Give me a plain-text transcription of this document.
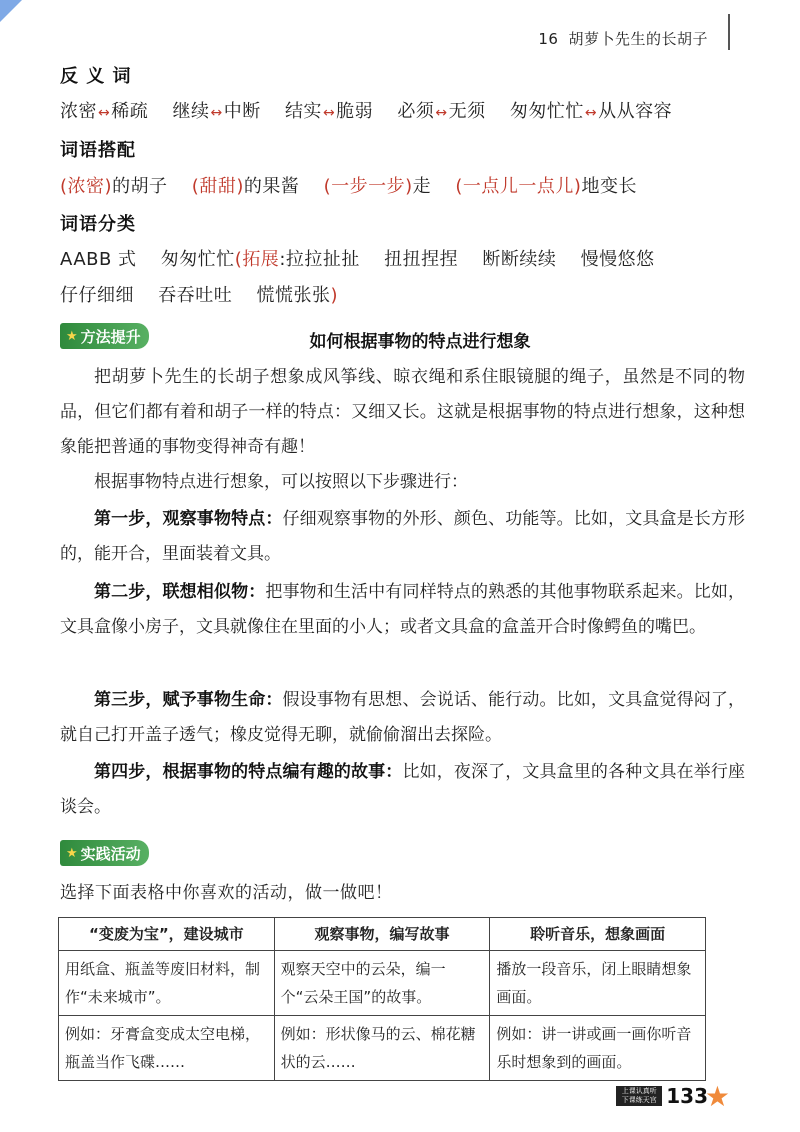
16 胡萝卜先生的长胡子
反 义 词
浓密↔稀疏 继续↔中断 结实↔脆弱 必须↔无须 匆匆忙忙↔从从容容
词语搭配
(浓密)的胡子 (甜甜)的果酱 (一步一步)走 (一点儿一点儿)地变长
词语分类
AABB 式 匆匆忙忙(拓展:拉拉扯扯 扭扭捏捏 断断续续 慢慢悠悠
仔仔细细 吞吞吐吐 慌慌张张)
★ 方法提升	如何根据事物的特点进行想象
把胡萝卜先生的长胡子想象成风筝线、晾衣绳和系住眼镜腿的绳子，虽然是不同的物品，但它们都有着和胡子一样的特点：又细又长。这就是根据事物的特点进行想象，这种想象能把普通的事物变得神奇有趣！
根据事物特点进行想象，可以按照以下步骤进行：
第一步，观察事物特点：仔细观察事物的外形、颜色、功能等。比如，文具盒是长方形的，能开合，里面装着文具。
第二步，联想相似物：把事物和生活中有同样特点的熟悉的其他事物联系起来。比如，文具盒像小房子，文具就像住在里面的小人；或者文具盒的盒盖开合时像鳄鱼的嘴巴。
第三步，赋予事物生命：假设事物有思想、会说话、能行动。比如，文具盒觉得闷了，就自己打开盖子透气；橡皮觉得无聊，就偷偷溜出去探险。
第四步，根据事物的特点编有趣的故事：比如，夜深了，文具盒里的各种文具在举行座谈会。
★ 实践活动
选择下面表格中你喜欢的活动，做一做吧！
“变废为宝”，建设城市	观察事物，编写故事	聆听音乐，想象画面
用纸盒、瓶盖等废旧材料，制作“未来城市”。	观察天空中的云朵，编一个“云朵王国”的故事。	播放一段音乐，闭上眼睛想象画面。
例如：牙膏盒变成太空电梯，瓶盖当作飞碟……	例如：形状像马的云、棉花糖状的云……	例如：讲一讲或画一画你听音乐时想象到的画面。
上课认真听
下课练天宫 133
★
